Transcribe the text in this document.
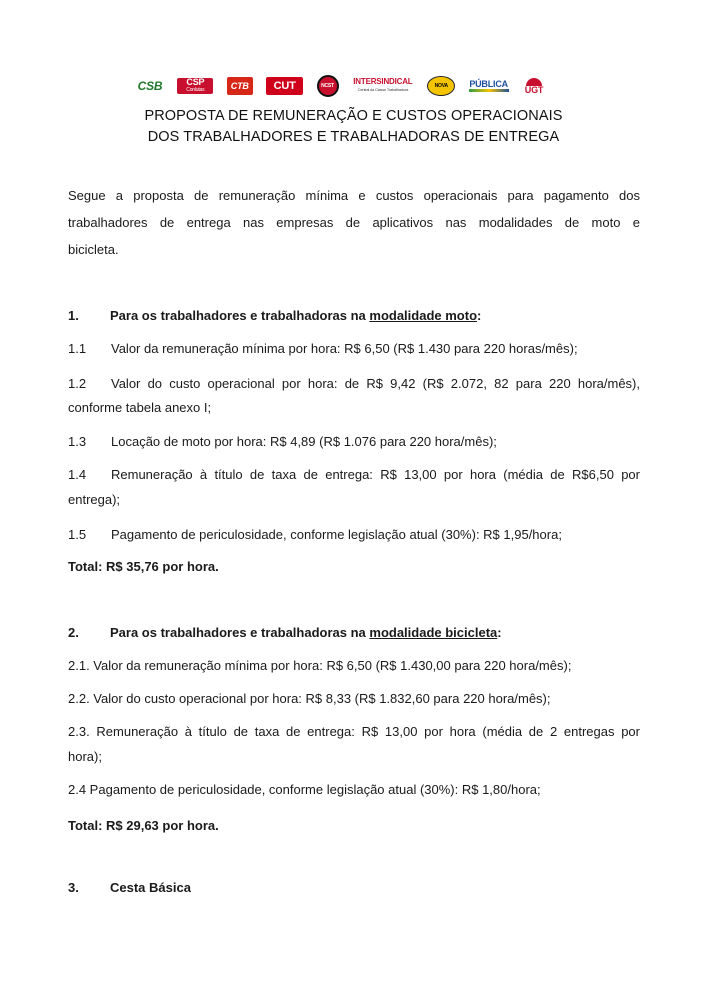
CSB	CSP
Conlutas	CTB CUT	NCST INTERSINDICAL
Central da Classe Trabalhadora
NOVA PÚBLICA
UGT
PROPOSTA DE REMUNERAÇÃO E CUSTOS OPERACIONAIS
DOS TRABALHADORES E TRABALHADORAS DE ENTREGA
Segue a proposta de remuneração mínima e custos operacionais para pagamento dos
trabalhadores de entrega nas empresas de aplicativos nas modalidades de moto e
bicicleta.
1. Para os trabalhadores e trabalhadoras na modalidade moto:
1.1 Valor da remuneração mínima por hora: R$ 6,50 (R$ 1.430 para 220 horas/mês);
1.2 Valor do custo operacional por hora: de R$ 9,42 (R$ 2.072, 82 para 220 hora/mês),
conforme tabela anexo I;
1.3 Locação de moto por hora: R$ 4,89 (R$ 1.076 para 220 hora/mês);
1.4 Remuneração à título de taxa de entrega: R$ 13,00 por hora (média de R$6,50 por
entrega);
1.5 Pagamento de periculosidade, conforme legislação atual (30%): R$ 1,95/hora;
Total: R$ 35,76 por hora.
2. Para os trabalhadores e trabalhadoras na modalidade bicicleta:
2.1. Valor da remuneração mínima por hora: R$ 6,50 (R$ 1.430,00 para 220 hora/mês);
2.2. Valor do custo operacional por hora: R$ 8,33 (R$ 1.832,60 para 220 hora/mês);
2.3. Remuneração à título de taxa de entrega: R$ 13,00 por hora (média de 2 entregas por
hora);
2.4 Pagamento de periculosidade, conforme legislação atual (30%): R$ 1,80/hora;
Total: R$ 29,63 por hora.
3. Cesta Básica
